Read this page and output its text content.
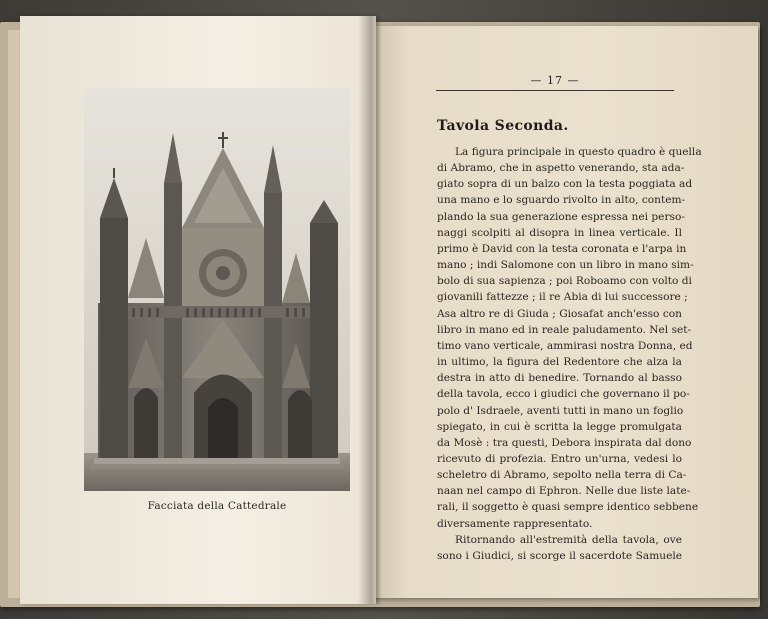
— 17 —
Tavola Seconda.
La figura principale in questo quadro è quella
di Abramo, che in aspetto venerando, sta ada-
giato sopra di un balzo con la testa poggiata ad
una mano e lo sguardo rivolto in alto, contem-
plando la sua generazione espressa nei perso-
naggi scolpiti al disopra in linea verticale. Il
primo è David con la testa coronata e l'arpa in
mano ; indi Salomone con un libro in mano sim-
bolo di sua sapienza ; poi Roboamo con volto di
giovanili fattezze ; il re Abia di lui successore ;
Asa altro re di Giuda ; Giosafat anch'esso con
libro in mano ed in reale paludamento. Nel set-
timo vano verticale, ammirasi nostra Donna, ed
in ultimo, la figura del Redentore che alza la
destra in atto di benedire. Tornando al basso
della tavola, ecco i giudici che governano il po-
polo d' Isdraele, aventi tutti in mano un foglio
spiegato, in cui è scritta la legge promulgata
da Mosè : tra questi, Debora inspirata dal dono
ricevuto di profezia. Entro un'urna, vedesi lo
scheletro di Abramo, sepolto nella terra di Ca-
naan nel campo di Ephron. Nelle due liste late-
rali, il soggetto è quasi sempre identico sebbene
diversamente rappresentato.
Ritornando all'estremità della tavola, ove
sono i Giudici, si scorge il sacerdote Samuele
Facciata della Cattedrale
